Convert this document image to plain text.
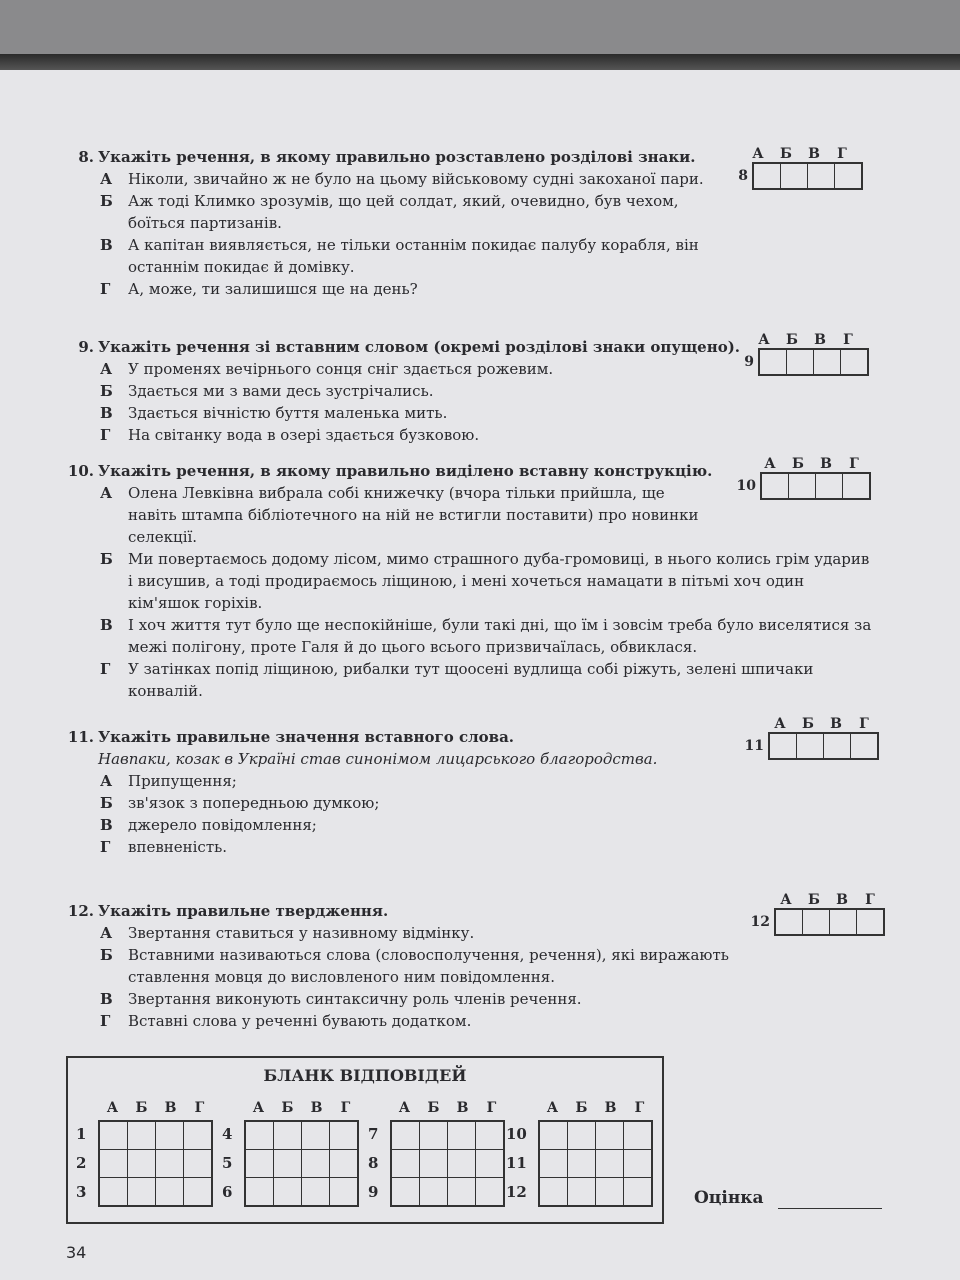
8. Укажіть речення, в якому правильно розставлено розділові знаки.
А	Ніколи, звичайно ж не було на цьому військовому судні закоханої пари.
Б	Аж тоді Климко зрозумів, що цей солдат, який, очевидно, був чехом, боїться партизанів.
В	А капітан виявляється, не тільки останнім покидає палубу корабля, він останнім покидає й домівку.
Г	А, може, ти залишишся ще на день?
А	Б	В	Г
8
9. Укажіть речення зі вставним словом (окремі розділові знаки опущено).
А	У променях вечірнього сонця сніг здається рожевим.
Б	Здається ми з вами десь зустрічались.
В	Здається вічністю буття маленька мить.
Г	На світанку вода в озері здається бузковою.
А	Б	В	Г
9
10. Укажіть речення, в якому правильно виділено вставну конструкцію.
А	Олена Левківна вибрала собі книжечку (вчора тільки прийшла, ще навіть штампа бібліотечного на ній не встигли поставити) про новинки селекції.
Б	Ми повертаємось додому лісом, мимо страшного дуба-громовиці, в нього колись грім ударив і висушив, а тоді продираємось ліщиною, і мені хочеться намацати в пітьмі хоч один кім'яшок горіхів.
В	І хоч життя тут було ще неспокійніше, були такі дні, що їм і зовсім треба було виселятися за межі полігону, проте Галя й до цього всього призвичаїлась, обвиклася.
Г	У затінках попід ліщиною, рибалки тут щоосені вудлища собі ріжуть, зелені шпичаки конвалій.
А	Б	В	Г
10
11. Укажіть правильне значення вставного слова.
Навпаки, козак в Україні став синонімом лицарського благородства.
А	Припущення;
Б	зв'язок з попередньою думкою;
В	джерело повідомлення;
Г	впевненість.
А	Б	В	Г
11
12. Укажіть правильне твердження.
А	Звертання ставиться у називному відмінку.
Б	Вставними називаються слова (словосполучення, речення), які виражають ставлення мовця до висловленого ним повідомлення.
В	Звертання виконують синтаксичну роль членів речення.
Г	Вставні слова у реченні бувають додатком.
А	Б	В	Г
12
БЛАНК ВІДПОВІДЕЙ
А	Б	В	Г
1
2
3

А	Б	В	Г
4
5
6

А	Б	В	Г
7
8
9

А	Б	В	Г
10
11
12

				Оцінка
34
